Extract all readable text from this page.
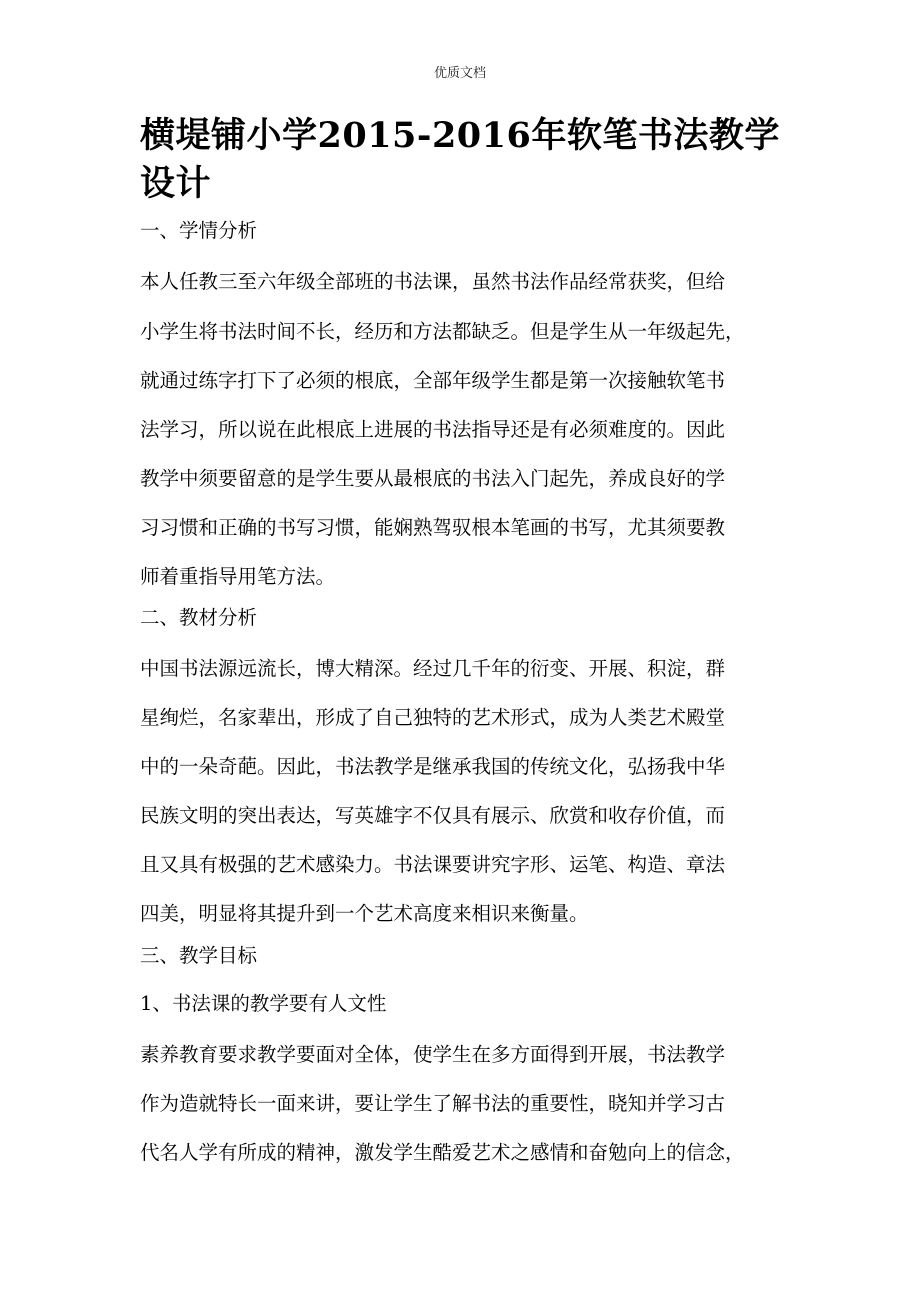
优质文档
横堤铺小学2015-2016年软笔书法教学设计
一、学情分析
本人任教三至六年级全部班的书法课，虽然书法作品经常获奖，但给
小学生将书法时间不长，经历和方法都缺乏。但是学生从一年级起先，
就通过练字打下了必须的根底，全部年级学生都是第一次接触软笔书
法学习，所以说在此根底上进展的书法指导还是有必须难度的。因此
教学中须要留意的是学生要从最根底的书法入门起先，养成良好的学
习习惯和正确的书写习惯，能娴熟驾驭根本笔画的书写，尤其须要教
师着重指导用笔方法。
二、教材分析
中国书法源远流长，博大精深。经过几千年的衍变、开展、积淀，群
星绚烂，名家辈出，形成了自己独特的艺术形式，成为人类艺术殿堂
中的一朵奇葩。因此，书法教学是继承我国的传统文化，弘扬我中华
民族文明的突出表达，写英雄字不仅具有展示、欣赏和收存价值，而
且又具有极强的艺术感染力。书法课要讲究字形、运笔、构造、章法
四美，明显将其提升到一个艺术高度来相识来衡量。
三、教学目标
1、书法课的教学要有人文性
素养教育要求教学要面对全体，使学生在多方面得到开展，书法教学
作为造就特长一面来讲，要让学生了解书法的重要性，晓知并学习古
代名人学有所成的精神，激发学生酷爱艺术之感情和奋勉向上的信念，
